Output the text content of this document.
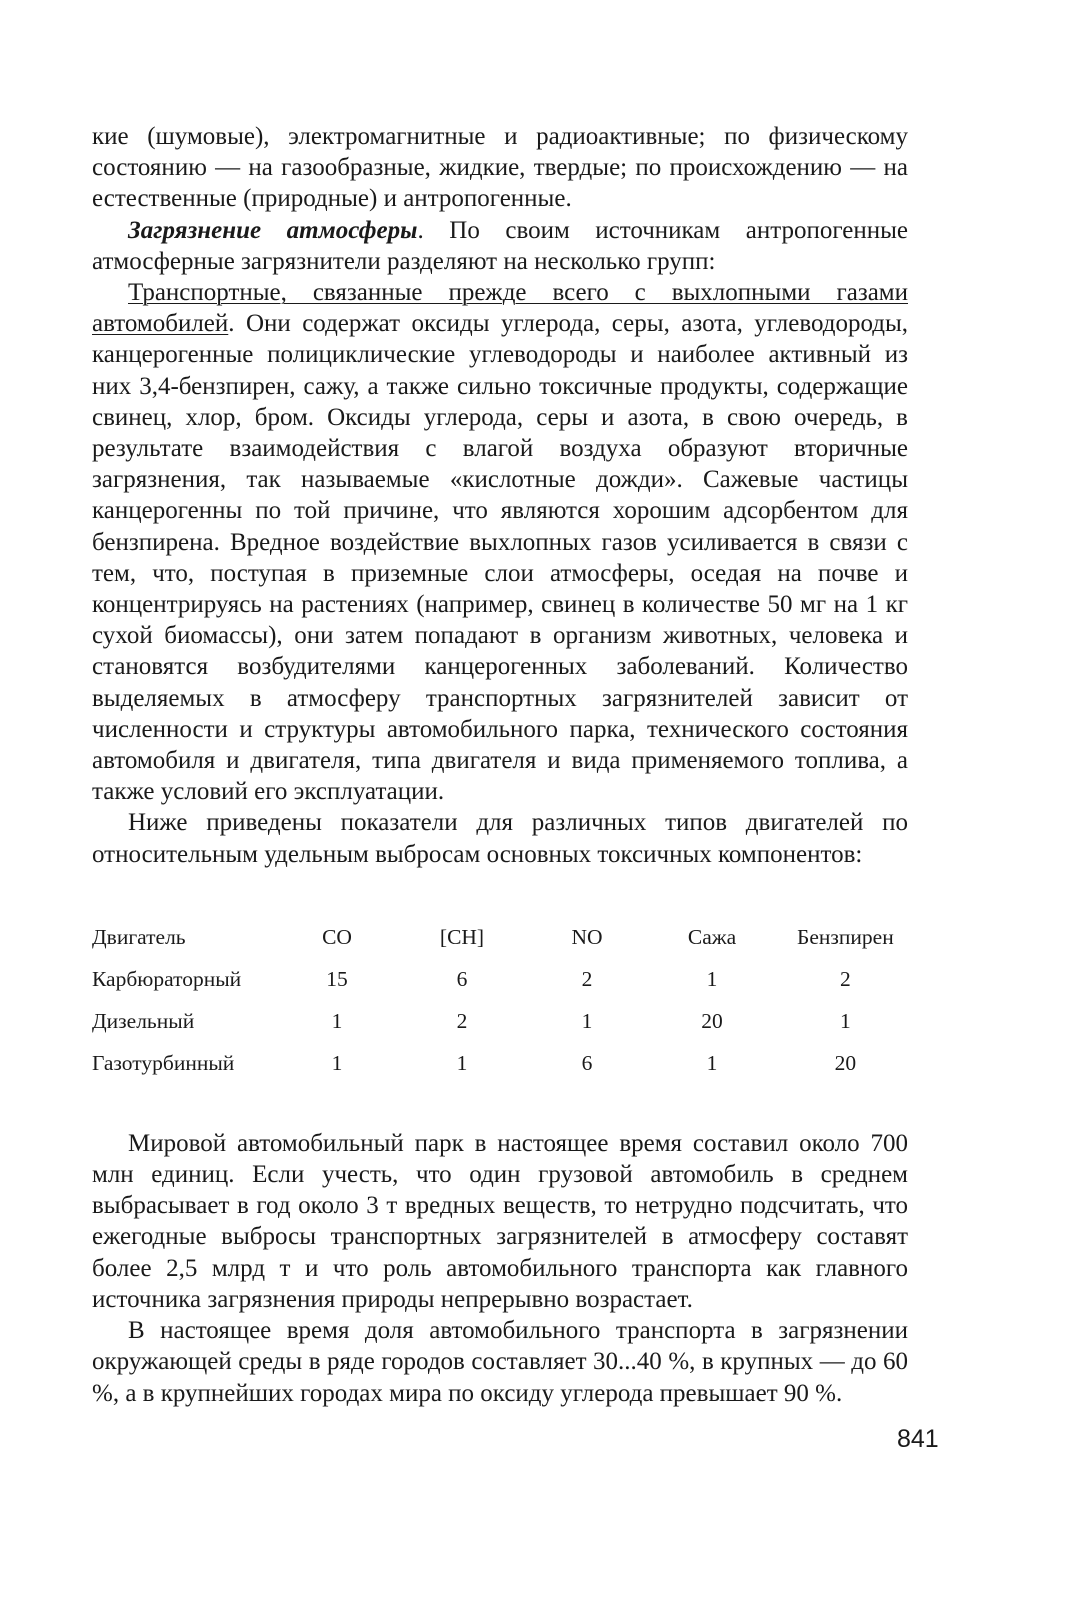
кие (шумовые), электромагнитные и радиоактивные; по физическому состоянию — на газообразные, жидкие, твердые; по происхождению — на естественные (природные) и антропогенные.

Загрязнение атмосферы. По своим источникам антропогенные атмосферные загрязнители разделяют на несколько групп:

Транспортные, связанные прежде всего с выхлопными газами автомобилей. Они содержат оксиды углерода, серы, азота, углеводороды, канцерогенные полициклические углеводороды и наиболее активный из них 3,4-бензпирен, сажу, а также сильно токсичные продукты, содержащие свинец, хлор, бром. Оксиды углерода, серы и азота, в свою очередь, в результате взаимодействия с влагой воздуха образуют вторичные загрязнения, так называемые «кислотные дожди». Сажевые частицы канцерогенны по той причине, что являются хорошим адсорбентом для бензпирена. Вредное воздействие выхлопных газов усиливается в связи с тем, что, поступая в приземные слои атмосферы, оседая на почве и концентрируясь на растениях (например, свинец в количестве 50 мг на 1 кг сухой биомассы), они затем попадают в организм животных, человека и становятся возбудителями канцерогенных заболеваний. Количество выделяемых в атмосферу транспортных загрязнителей зависит от численности и структуры автомобильного парка, технического состояния автомобиля и двигателя, типа двигателя и вида применяемого топлива, а также условий его эксплуатации.

Ниже приведены показатели для различных типов двигателей по относительным удельным выбросам основных токсичных компонентов:

Двигатель	СО	[СН]	NO	Сажа	Бензпирен
Карбюраторный	15	6	2	1	2
Дизельный	1	2	1	20	1
Газотурбинный	1	1	6	1	20

Мировой автомобильный парк в настоящее время составил около 700 млн единиц. Если учесть, что один грузовой автомобиль в среднем выбрасывает в год около 3 т вредных веществ, то нетрудно подсчитать, что ежегодные выбросы транспортных загрязнителей в атмосферу составят более 2,5 млрд т и что роль автомобильного транспорта как главного источника загрязнения природы непрерывно возрастает.

В настоящее время доля автомобильного транспорта в загрязнении окружающей среды в ряде городов составляет 30...40 %, в крупных — до 60 %, а в крупнейших городах мира по оксиду углерода превышает 90 %.

841
